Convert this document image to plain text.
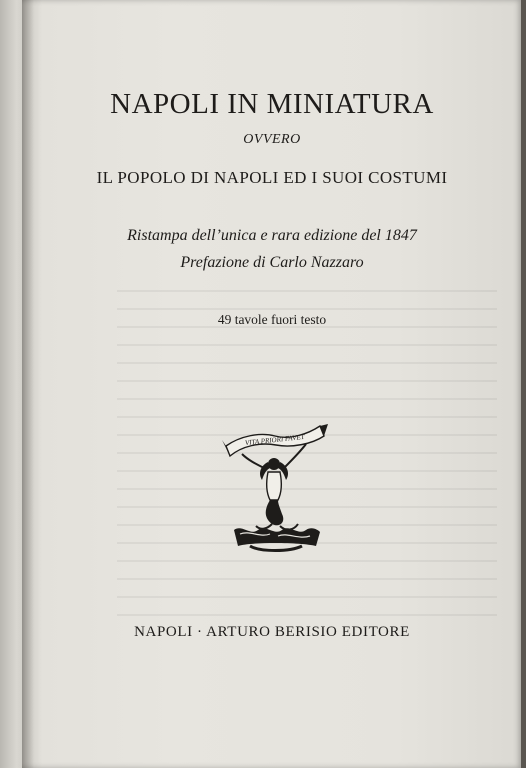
NAPOLI IN MINIATURA

OVVERO

IL POPOLO DI NAPOLI ED I SUOI COSTUMI

Ristampa dell’unica e rara edizione del 1847

Prefazione di Carlo Nazzaro

49 tavole fuori testo

VITA PRIORI FAVET

NAPOLI · ARTURO BERISIO EDITORE
